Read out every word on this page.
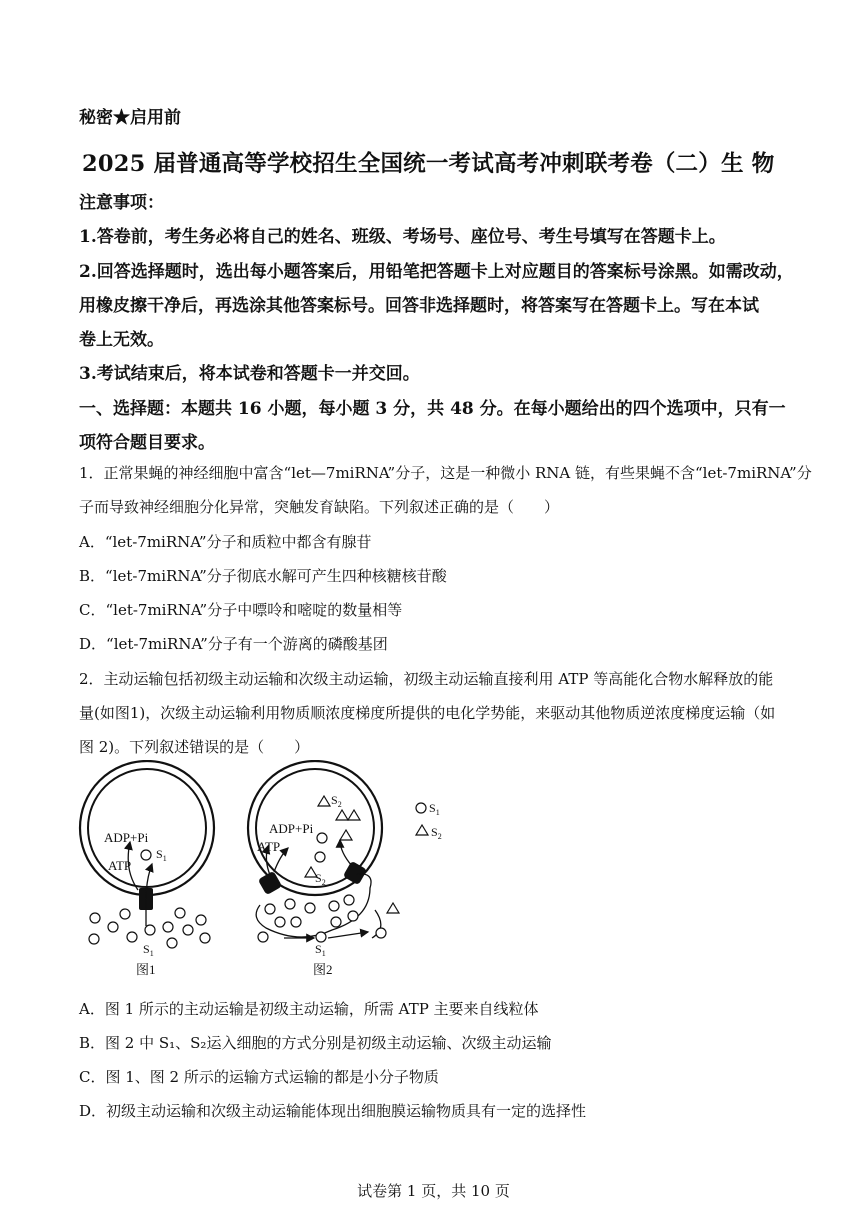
秘密★启用前
2025 届普通高等学校招生全国统一考试高考冲刺联考卷（二）生 物
注意事项：
1.答卷前，考生务必将自己的姓名、班级、考场号、座位号、考生号填写在答题卡上。
2.回答选择题时，选出每小题答案后，用铅笔把答题卡上对应题目的答案标号涂黑。如需改动，
用橡皮擦干净后，再选涂其他答案标号。回答非选择题时，将答案写在答题卡上。写在本试
卷上无效。
3.考试结束后，将本试卷和答题卡一并交回。
一、选择题：本题共 16 小题，每小题 3 分，共 48 分。在每小题给出的四个选项中，只有一
项符合题目要求。
1．正常果蝇的神经细胞中富含“let—7miRNA”分子，这是一种微小 RNA 链，有些果蝇不含“let-7miRNA”分
子而导致神经细胞分化异常，突触发育缺陷。下列叙述正确的是（　　）
A．“let-7miRNA”分子和质粒中都含有腺苷
B．“let-7miRNA”分子彻底水解可产生四种核糖核苷酸
C．“let-7miRNA”分子中嘌呤和嘧啶的数量相等
D．“let-7miRNA”分子有一个游离的磷酸基团
2．主动运输包括初级主动运输和次级主动运输，初级主动运输直接利用 ATP 等高能化合物水解释放的能
量(如图1)，次级主动运输利用物质顺浓度梯度所提供的电化学势能，来驱动其他物质逆浓度梯度运输（如
图 2)。下列叙述错误的是（　　）
ADP+Pi
ATP
$S_1$
$S_1$
图1
ADP+Pi
ATP
$S_2$
$S_2$
$S_1$
图2
$S_1$
$S_2$
A．图 1 所示的主动运输是初级主动运输，所需 ATP 主要来自线粒体
B．图 2 中 S₁、S₂运入细胞的方式分别是初级主动运输、次级主动运输
C．图 1、图 2 所示的运输方式运输的都是小分子物质
D．初级主动运输和次级主动运输能体现出细胞膜运输物质具有一定的选择性
试卷第 1 页，共 10 页
